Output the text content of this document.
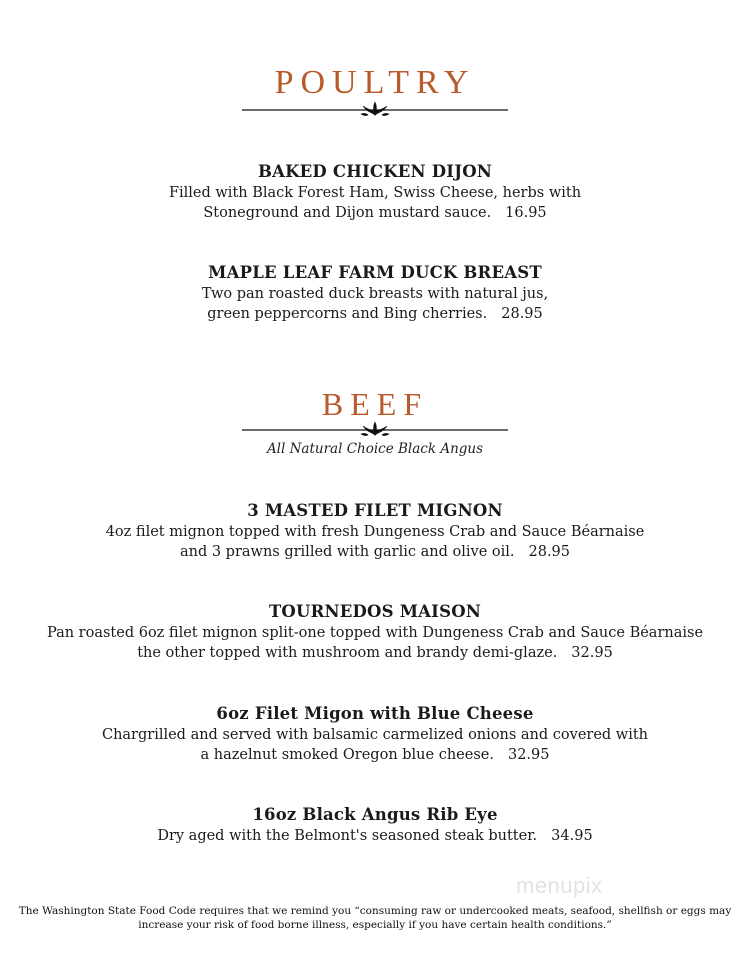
POULTRY
BAKED CHICKEN DIJON
Filled with Black Forest Ham, Swiss Cheese, herbs with
Stoneground and Dijon mustard sauce. 16.95
MAPLE LEAF FARM DUCK BREAST
Two pan roasted duck breasts with natural jus,
green peppercorns and Bing cherries. 28.95
BEEF
All Natural Choice Black Angus
3 MASTED FILET MIGNON
4oz filet mignon topped with fresh Dungeness Crab and Sauce Béarnaise
and 3 prawns grilled with garlic and olive oil. 28.95
TOURNEDOS MAISON
Pan roasted 6oz filet mignon split-one topped with Dungeness Crab and Sauce Béarnaise
the other topped with mushroom and brandy demi-glaze. 32.95
6oz Filet Migon with Blue Cheese
Chargrilled and served with balsamic carmelized onions and covered with
a hazelnut smoked Oregon blue cheese. 32.95
16oz Black Angus Rib Eye
Dry aged with the Belmont's seasoned steak butter. 34.95
menupix
The Washington State Food Code requires that we remind you “consuming raw or undercooked meats, seafood, shellfish or eggs may
increase your risk of food borne illness, especially if you have certain health conditions.”
